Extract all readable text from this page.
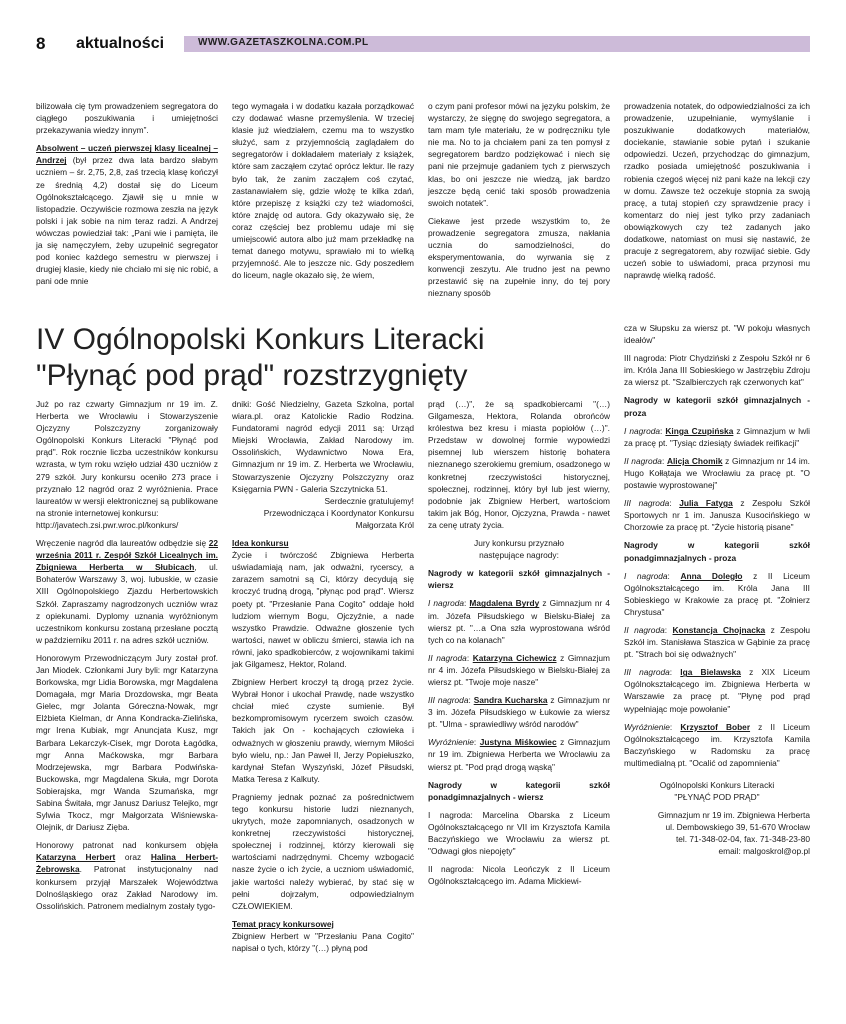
8 aktualności	WWW.GAZETASZKOLNA.COM.PL

bilizowała cię tym prowadzeniem segregatora do ciągłego poszukiwania i umiejętności przekazywania wiedzy innym”.

Absolwent – uczeń pierwszej klasy licealnej – Andrzej (był przez dwa lata bardzo słabym uczniem – śr. 2,75, 2,8, zaś trzecią klasę kończył ze średnią 4,2) dostał się do Liceum Ogólnokształcącego. Zjawił się u mnie w listopadzie. Oczywiście rozmowa zeszła na język polski i jak sobie na nim teraz radzi. A Andrzej wówczas powiedział tak: „Pani wie i pamięta, ile ja się namęczyłem, żeby uzupełnić segregator pod koniec każdego semestru w pierwszej i drugiej klasie, kiedy nie chciało mi się nic robić, a pani ode mnie

tego wymagała i w dodatku kazała porządkować czy dodawać własne przemyślenia. W trzeciej klasie już wiedziałem, czemu ma to wszystko służyć, sam z przyjemnością zaglądałem do segregatorów i dokładałem materiały z książek, które sam zacząłem czytać oprócz lektur. Ile razy było tak, że zanim zacząłem coś czytać, zastanawiałem się, gdzie włożę te kilka zdań, które przepiszę z książki czy też wiadomości, które znajdę od autora. Gdy okazywało się, że coraz częściej bez problemu udaje mi się umiejscowić autora albo już mam przekładkę na temat danego motywu, sprawiało mi to wielką przyjemność. Ale to jeszcze nic. Gdy poszedłem do liceum, nagle okazało się, że wiem,

o czym pani profesor mówi na języku polskim, że wystarczy, że sięgnę do swojego segregatora, a tam mam tyle materiału, że w podręczniku tyle nie ma. No to ja chciałem pani za ten pomysł z segregatorem bardzo podziękować i niech się pani nie przejmuje gadaniem tych z pierwszych klas, bo oni jeszcze nie wiedzą, jak bardzo jeszcze będą cenić taki sposób prowadzenia swoich notatek”.

Ciekawe jest przede wszystkim to, że prowadzenie segregatora zmusza, nakłania ucznia do samodzielności, do eksperymentowania, do wyrwania się z konwencji zeszytu. Ale trudno jest na pewno przestawić się na zupełnie inny, do tej pory nieznany sposób

prowadzenia notatek, do odpowiedzialności za ich prowadzenie, uzupełnianie, wymyślanie i poszukiwanie dodatkowych materiałów, dociekanie, stawianie sobie pytań i szukanie odpowiedzi. Uczeń, przychodząc do gimnazjum, rzadko posiada umiejętność poszukiwania i robienia czegoś więcej niż pani każe na lekcji czy w domu. Zawsze też oczekuje stopnia za swoją pracę, a tutaj stopień czy sprawdzenie pracy i komentarz do niej jest tylko przy zadaniach obowiązkowych czy też zadanych jako dodatkowe, natomiast on musi się nastawić, że pracuje z segregatorem, aby rozwijać siebie. Gdy uczeń sobie to uświadomi, praca przynosi mu naprawdę wielką radość.

IV Ogólnopolski Konkurs Literacki
"Płynąć pod prąd" rozstrzygnięty

Już po raz czwarty Gimnazjum nr 19 im. Z. Herberta we Wrocławiu i Stowarzyszenie Ojczyzny Polszczyzny zorganizowały Ogólnopolski Konkurs Literacki "Płynąć pod prąd". Rok rocznie liczba uczestników konkursu wzrasta, w tym roku wzięło udział 430 uczniów z 279 szkół. Jury konkursu oceniło 273 prace i przyznało 12 nagród oraz 2 wyróżnienia. Prace laureatów w wersji elektronicznej są publikowane na stronie internetowej konkursu:

http://javatech.zsi.pwr.wroc.pl/konkurs/

Wręczenie nagród dla laureatów odbędzie się 22 września 2011 r. Zespół Szkół Licealnych im. Zbigniewa Herberta w Słubicach, ul. Bohaterów Warszawy 3, woj. lubuskie, w czasie XIII Ogólnopolskiego Zjazdu Herbertowskich Szkół. Zapraszamy nagrodzonych uczniów wraz z opiekunami. Dyplomy uznania wyróżnionym uczestnikom konkursu zostaną przesłane pocztą w październiku 2011 r. na adres szkół uczniów.

Honorowym Przewodniczącym Jury został prof. Jan Miodek. Członkami Jury byli: mgr Katarzyna Borkowska, mgr Lidia Borowska, mgr Magdalena Domagała, mgr Maria Drozdowska, mgr Beata Gielec, mgr Jolanta Góreczna-Nowak, mgr Elżbieta Kielman, dr Anna Kondracka-Zielińska, mgr Irena Kubiak, mgr Anuncjata Kusz, mgr Barbara Lekarczyk-Cisek, mgr Dorota Łagódka, mgr Anna Maćkowska, mgr Barbara Modrzejewska, mgr Barbara Podwińska-Buckowska, mgr Magdalena Skuła, mgr Dorota Sobierajska, mgr Wanda Szumańska, mgr Sabina Świtała, mgr Janusz Dariusz Telejko, mgr Sylwia Tkocz, mgr Małgorzata Wiśniewska-Olejnik, dr Dariusz Zięba.

Honorowy patronat nad konkursem objęła Katarzyna Herbert oraz Halina Herbert-Żebrowska. Patronat instytucjonalny nad konkursem przyjął Marszałek Województwa Dolnośląskiego oraz Zakład Narodowy im. Ossolińskich. Patronem medialnym zostały tygo-

dniki: Gość Niedzielny, Gazeta Szkolna, portal wiara.pl. oraz Katolickie Radio Rodzina. Fundatorami nagród edycji 2011 są: Urząd Miejski Wrocławia, Zakład Narodowy im. Ossolińskich, Wydawnictwo Nowa Era, Gimnazjum nr 19 im. Z. Herberta we Wrocławiu, Stowarzyszenie Ojczyzny Polszczyzny oraz Księgarnia PWN - Galeria Szczytnicka 51.

Serdecznie gratulujemy!

Przewodnicząca i Koordynator Konkursu

Małgorzata Król

Idea konkursu

Życie i twórczość Zbigniewa Herberta uświadamiają nam, jak odważni, rycerscy, a zarazem samotni są Ci, którzy decydują się kroczyć trudną drogą, "płynąc pod prąd". Wiersz poety pt. "Przesłanie Pana Cogito" oddaje hołd ludziom wiernym Bogu, Ojczyźnie, a nade wszystko Prawdzie. Odważne głoszenie tych wartości, nawet w obliczu śmierci, stawia ich na równi, jako spadkobierców, z wojownikami takimi jak Gilgamesz, Hektor, Roland.

Zbigniew Herbert kroczył tą drogą przez życie. Wybrał Honor i ukochał Prawdę, nade wszystko chciał mieć czyste sumienie. Był bezkompromisowym rycerzem swoich czasów. Takich jak On - kochających człowieka i odważnych w głoszeniu prawdy, wiernym Miłości było wielu, np.: Jan Paweł II, Jerzy Popiełuszko, kardynał Stefan Wyszyński, Józef Piłsudski, Matka Teresa z Kalkuty.

Pragniemy jednak poznać za pośrednictwem tego konkursu historie ludzi nieznanych, ukrytych, może zapomnianych, osadzonych w konkretnej rzeczywistości historycznej, społecznej i rodzinnej, którzy kierowali się wartościami nadrzędnymi. Chcemy wzbogacić nasze życie o ich życie, a uczniom uświadomić, jakie wartości należy wybierać, by stać się w pełni dojrzałym, odpowiedzialnym CZŁOWIEKIEM.

Temat pracy konkursowej

Zbigniew Herbert w "Przesłaniu Pana Cogito" napisał o tych, którzy "(…) płyną pod

prąd (…)", że są spadkobiercami "(…) Gilgamesza, Hektora, Rolanda obrońców królestwa bez kresu i miasta popiołów (…)". Przedstaw w dowolnej formie wypowiedzi pisemnej lub wierszem historię bohatera nieznanego szerokiemu gremium, osadzonego w konkretnej rzeczywistości historycznej, społecznej, rodzinnej, który był lub jest wierny, podobnie jak Zbigniew Herbert, wartościom takim jak Bóg, Honor, Ojczyzna, Prawda - nawet za cenę utraty życia.

Jury konkursu przyznało

następujące nagrody:

Nagrody w kategorii szkół gimnazjalnych - wiersz

I nagroda: Magdalena Byrdy z Gimnazjum nr 4 im. Józefa Piłsudskiego w Bielsku-Białej za wiersz pt. "…a Ona szła wyprostowana wśród tych co na kolanach"

II nagroda: Katarzyna Cichewicz z Gimnazjum nr 4 im. Józefa Piłsudskiego w Bielsku-Białej za wiersz pt. "Twoje moje nasze"

III nagroda: Sandra Kucharska z Gimnazjum nr 3 im. Józefa Piłsudskiego w Łukowie za wiersz pt. "Ulma - sprawiedliwy wśród narodów"

Wyróżnienie: Justyna Miśkowiec z Gimnazjum nr 19 im. Zbigniewa Herberta we Wrocławiu za wiersz pt. "Pod prąd drogą wąską"

Nagrody w kategorii szkół ponadgimnazjalnych - wiersz

I nagroda: Marcelina Obarska z Liceum Ogólnokształcącego nr VII im Krzysztofa Kamila Baczyńskiego we Wrocławiu za wiersz pt. "Odwagi głos niepojęty"

II nagroda: Nicola Leończyk z II Liceum Ogólnokształcącego im. Adama Mickiewi-

cza w Słupsku za wiersz pt. "W pokoju własnych ideałów"

III nagroda: Piotr Chydziński z Zespołu Szkół nr 6 im. Króla Jana III Sobieskiego w Jastrzębiu Zdroju za wiersz pt. "Szalbierczych rąk czerwonych kat"

Nagrody w kategorii szkół gimnazjalnych - proza

I nagroda: Kinga Czupińska z Gimnazjum w Iwli za pracę pt. "Tysiąc dziesiąty świadek reifikacji"

II nagroda: Alicja Chomik z Gimnazjum nr 14 im. Hugo Kołłątaja we Wrocławiu za pracę pt. "O postawie wyprostowanej"

III nagroda: Julia Fatyga z Zespołu Szkół Sportowych nr 1 im. Janusza Kusocińskiego w Chorzowie za pracę pt. "Życie historią pisane"

Nagrody w kategorii szkół ponadgimnazjalnych - proza

I nagroda: Anna Doległo z II Liceum Ogólnokształcącego im. Króla Jana III Sobieskiego w Krakowie za pracę pt. "Żołnierz Chrystusa"

II nagroda: Konstancja Chojnacka z Zespołu Szkół im. Stanisława Staszica w Gąbinie za pracę pt. "Strach boi się odważnych"

III nagroda: Iga Bielawska z XIX Liceum Ogólnokształcącego im. Zbigniewa Herberta w Warszawie za pracę pt. "Płynę pod prąd wypełniając moje powołanie"

Wyróżnienie: Krzysztof Bober z II Liceum Ogólnokształcącego im. Krzysztofa Kamila Baczyńskiego w Radomsku za pracę multimedialną pt. "Ocalić od zapomnienia"

Ogólnopolski Konkurs Literacki

"PŁYNĄĆ POD PRĄD"

Gimnazjum nr 19 im. Zbigniewa Herberta

ul. Dembowskiego 39, 51-670 Wrocław

tel. 71-348-02-04, fax. 71-348-23-80

email: malgoskrol@op.pl
